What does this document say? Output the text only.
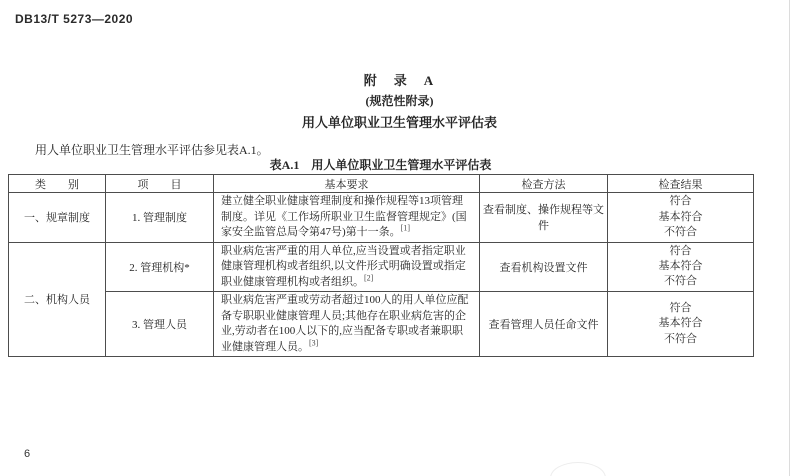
DB13/T 5273—2020
附　录　A
(规范性附录)
用人单位职业卫生管理水平评估表
用人单位职业卫生管理水平评估参见表A.1。
表A.1　用人单位职业卫生管理水平评估表
类　　别	项　　目	基本要求	检查方法	检查结果
一、规章制度	1. 管理制度	建立健全职业健康管理制度和操作规程等13项管理制度。详见《工作场所职业卫生监督管理规定》(国家安全监管总局令第47号)第十一条。[1]	查看制度、操作规程等文件	符合
基本符合
不符合

二、机构人员	2. 管理机构*	职业病危害严重的用人单位,应当设置或者指定职业健康管理机构或者组织,以文件形式明确设置或指定职业健康管理机构或者组织。[2]	查看机构设置文件	符合
基本符合
不符合

	3. 管理人员	职业病危害严重或劳动者超过100人的用人单位应配备专职职业健康管理人员;其他存在职业病危害的企业,劳动者在100人以下的,应当配备专职或者兼职职业健康管理人员。[3]	查看管理人员任命文件	符合
基本符合
不符合
6
